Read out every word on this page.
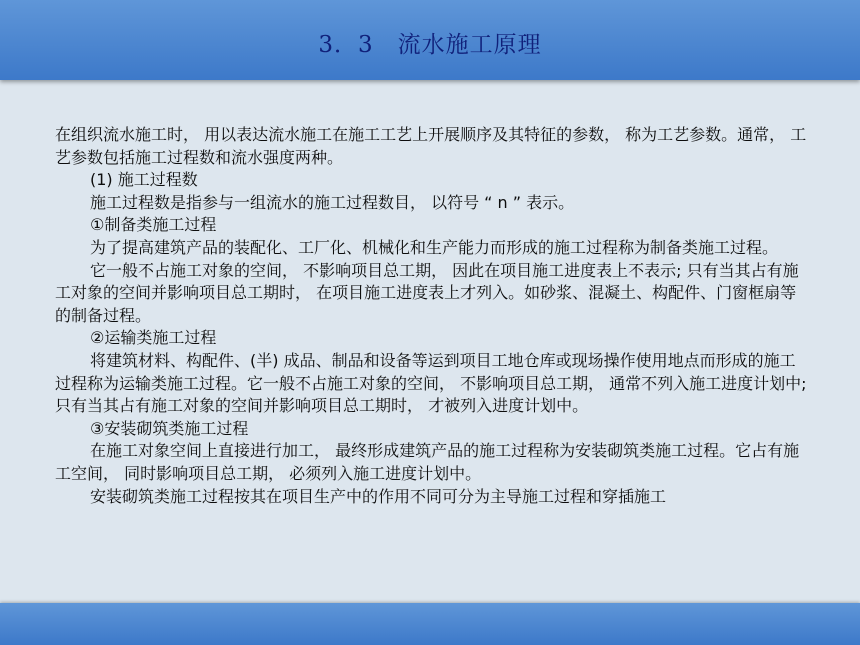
3．3　流水施工原理

在组织流水施工时， 用以表达流水施工在施工工艺上开展顺序及其特征的参数， 称为工艺参数。通常， 工艺参数包括施工过程数和流水强度两种。

(1) 施工过程数

施工过程数是指参与一组流水的施工过程数目， 以符号 “ n ” 表示。

①制备类施工过程

为了提高建筑产品的装配化、工厂化、机械化和生产能力而形成的施工过程称为制备类施工过程。

它一般不占施工对象的空间， 不影响项目总工期， 因此在项目施工进度表上不表示; 只有当其占有施工对象的空间并影响项目总工期时， 在项目施工进度表上才列入。如砂浆、混凝土、构配件、门窗框扇等的制备过程。

②运输类施工过程

将建筑材料、构配件、(半) 成品、制品和设备等运到项目工地仓库或现场操作使用地点而形成的施工过程称为运输类施工过程。它一般不占施工对象的空间， 不影响项目总工期， 通常不列入施工进度计划中; 只有当其占有施工对象的空间并影响项目总工期时， 才被列入进度计划中。

③安装砌筑类施工过程

在施工对象空间上直接进行加工， 最终形成建筑产品的施工过程称为安装砌筑类施工过程。它占有施工空间， 同时影响项目总工期， 必须列入施工进度计划中。

安装砌筑类施工过程按其在项目生产中的作用不同可分为主导施工过程和穿插施工
